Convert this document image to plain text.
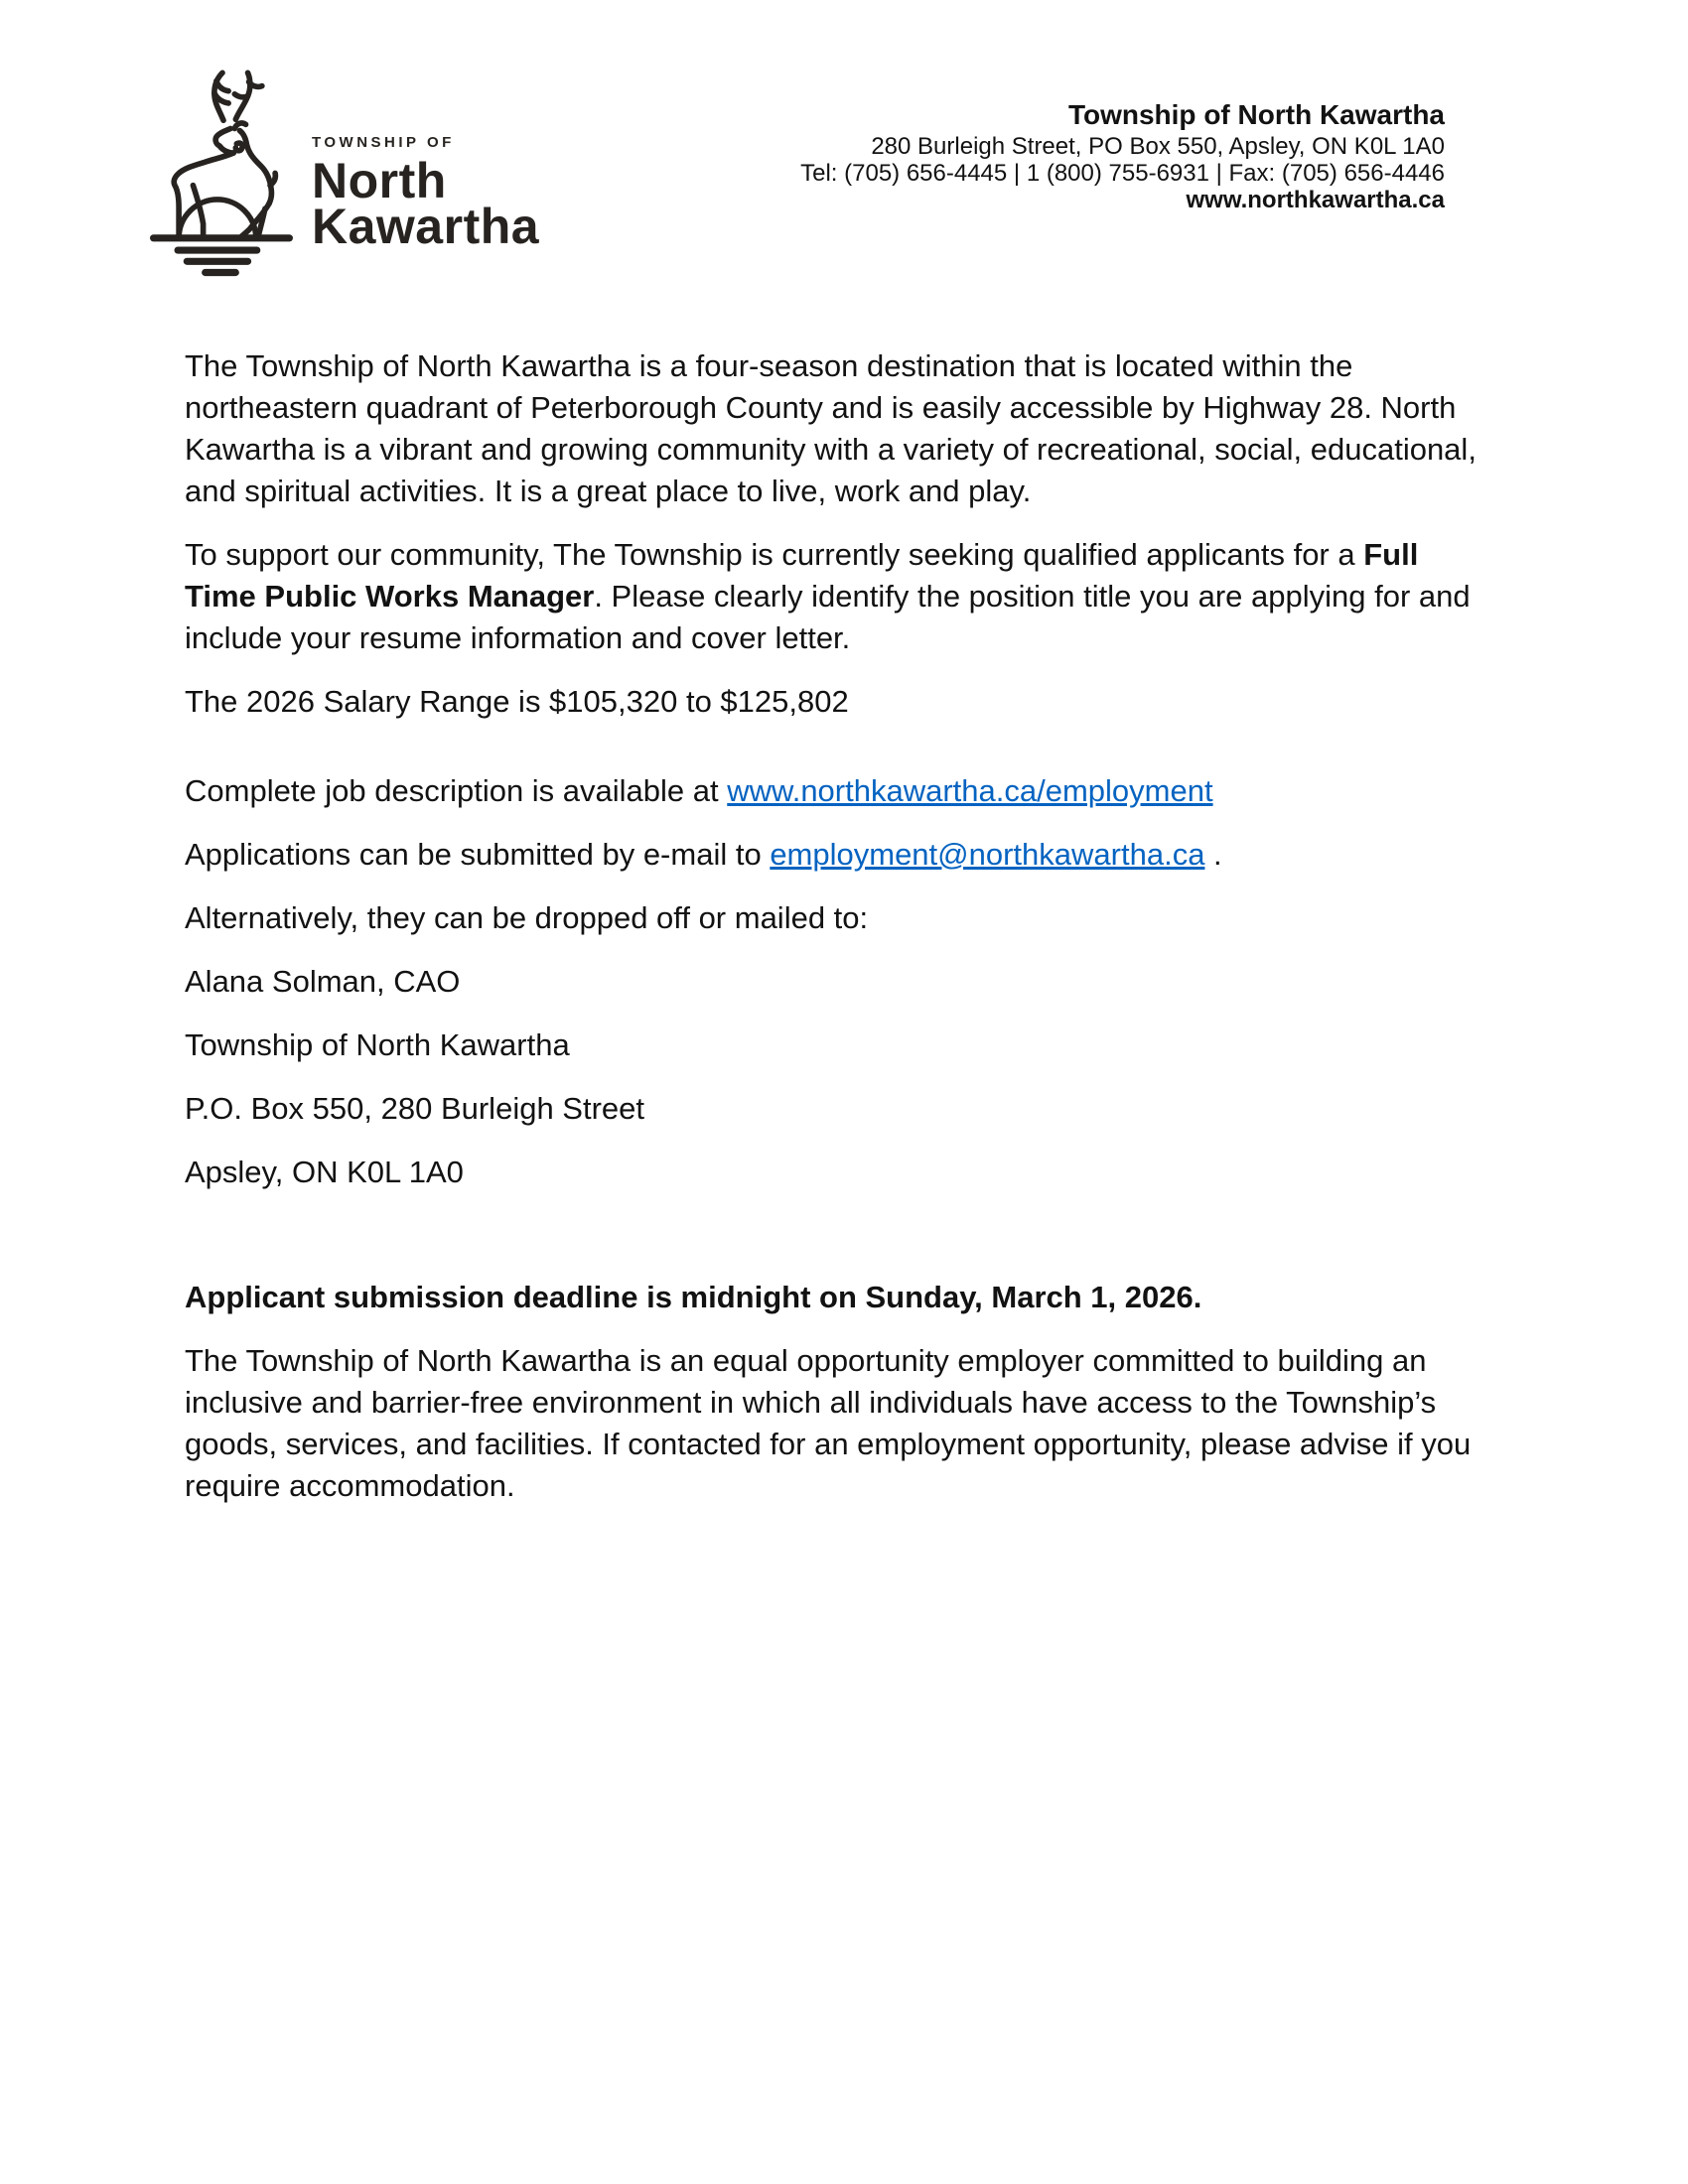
TOWNSHIP OF
North
Kawartha
Township of North Kawartha
280 Burleigh Street, PO Box 550, Apsley, ON K0L 1A0
Tel: (705) 656-4445 | 1 (800) 755-6931 | Fax: (705) 656-4446
www.northkawartha.ca

The Township of North Kawartha is a four-season destination that is located within the northeastern quadrant of Peterborough County and is easily accessible by Highway 28. North Kawartha is a vibrant and growing community with a variety of recreational, social, educational, and spiritual activities. It is a great place to live, work and play.

To support our community, The Township is currently seeking qualified applicants for a Full Time Public Works Manager. Please clearly identify the position title you are applying for and include your resume information and cover letter.

The 2026 Salary Range is $105,320 to $125,802

Complete job description is available at www.northkawartha.ca/employment

Applications can be submitted by e-mail to employment@northkawartha.ca .

Alternatively, they can be dropped off or mailed to:

Alana Solman, CAO

Township of North Kawartha

P.O. Box 550, 280 Burleigh Street

Apsley, ON K0L 1A0

Applicant submission deadline is midnight on Sunday, March 1, 2026.

The Township of North Kawartha is an equal opportunity employer committed to building an inclusive and barrier-free environment in which all individuals have access to the Township’s goods, services, and facilities. If contacted for an employment opportunity, please advise if you require accommodation.
